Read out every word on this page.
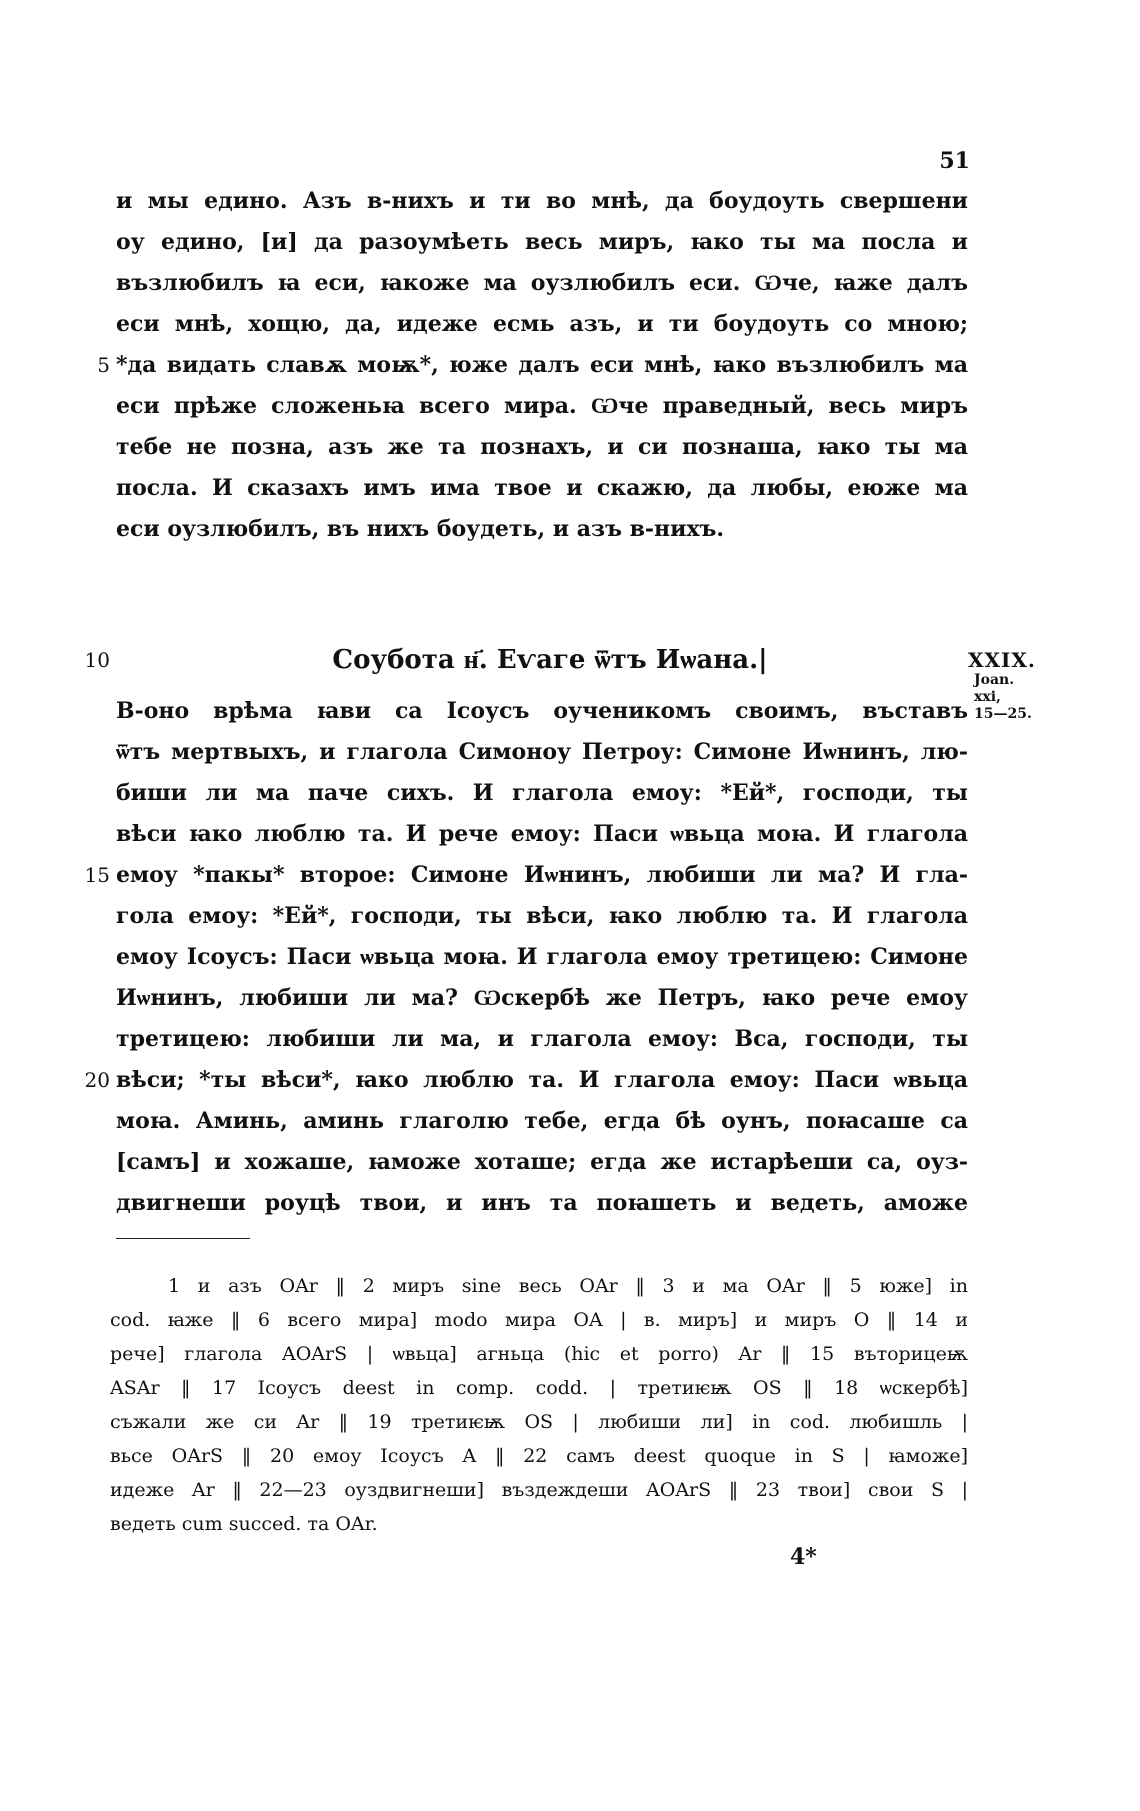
51
и мы едино. Азъ в-нихъ и ти во мнѣ, да боудоуть свершени
оу едино, [и] да разоумѣеть весь миръ, ꙗко ты ма посла и
възлюбилъ ꙗ еси, ꙗкоже ма оузлюбилъ еси. Ѡче, ꙗже далъ
еси мнѣ, хощю, да, идеже есмь азъ, и ти боудоуть со мною;
*да видать славѫ моѭ*, юже далъ еси мнѣ, ꙗко възлюбилъ ма
еси прѣже сложеньꙗ всего мира. Ѡче праведный, весь миръ
тебе не позна, азъ же та познахъ, и си познаша, ꙗко ты ма
посла. И сказахъ имъ има твое и скажю, да любы, еюже ма
еси оузлюбилъ, въ нихъ боудеть, и азъ в-нихъ.
5
10
15
20
Соубота н҃. Еѵаге ѿтъ Иѡана.|	XXIX.
Joan.
xxi,
15—25.
В-оно врѣма ꙗви са Ісоусъ оученикомъ своимъ, въставъ
ѿтъ мертвыхъ, и глагола Симоноу Петроу: Симоне Иѡнинъ, лю-
биши ли ма паче сихъ. И глагола емоу: *Ей*, господи, ты
вѣси ꙗко люблю та. И рече емоу: Паси ѡвьца моꙗ. И глагола
емоу *пакы* второе: Симоне Иѡнинъ, любиши ли ма? И гла-
гола емоу: *Ей*, господи, ты вѣси, ꙗко люблю та. И глагола
емоу Ісоусъ: Паси ѡвьца моꙗ. И глагола емоу третицею: Симоне
Иѡнинъ, любиши ли ма? Ѡскербѣ же Петръ, ꙗко рече емоу
третицею: любиши ли ма, и глагола емоу: Вса, господи, ты
вѣси; *ты вѣси*, ꙗко люблю та. И глагола емоу: Паси ѡвьца
моꙗ. Аминь, аминь глаголю тебе, егда бѣ оунъ, поꙗсаше са
[самъ] и хожаше, ꙗможе хоташе; егда же истарѣеши са, оуз-
двигнеши роуцѣ твои, и инъ та поꙗшеть и ведеть, аможе
1 и азъ OAr ‖ 2 миръ sine весь OAr ‖ 3 и ма OAr ‖ 5 юже] in
cod. ꙗже ‖ 6 всего мира] modo мира OA | в. миръ] и миръ O ‖ 14 и
рече] глагола AOArS | ѡвьца] агньца (hic et porro) Ar ‖ 15 въторицеѭ
ASAr ‖ 17 Ісоусъ deest in comp. codd. | третиѥѭ OS ‖ 18 ѡскербѣ]
съжали же си Ar ‖ 19 третиѥѭ OS | любиши ли] in cod. любишль |
вьсе OArS ‖ 20 емоу Ісоусъ A ‖ 22 самъ deest quoque in S | ꙗможе]
идеже Ar ‖ 22—23 оуздвигнеши] въздеждеши AOArS ‖ 23 твои] свои S |
ведеть cum succed. та OAr.
4*
